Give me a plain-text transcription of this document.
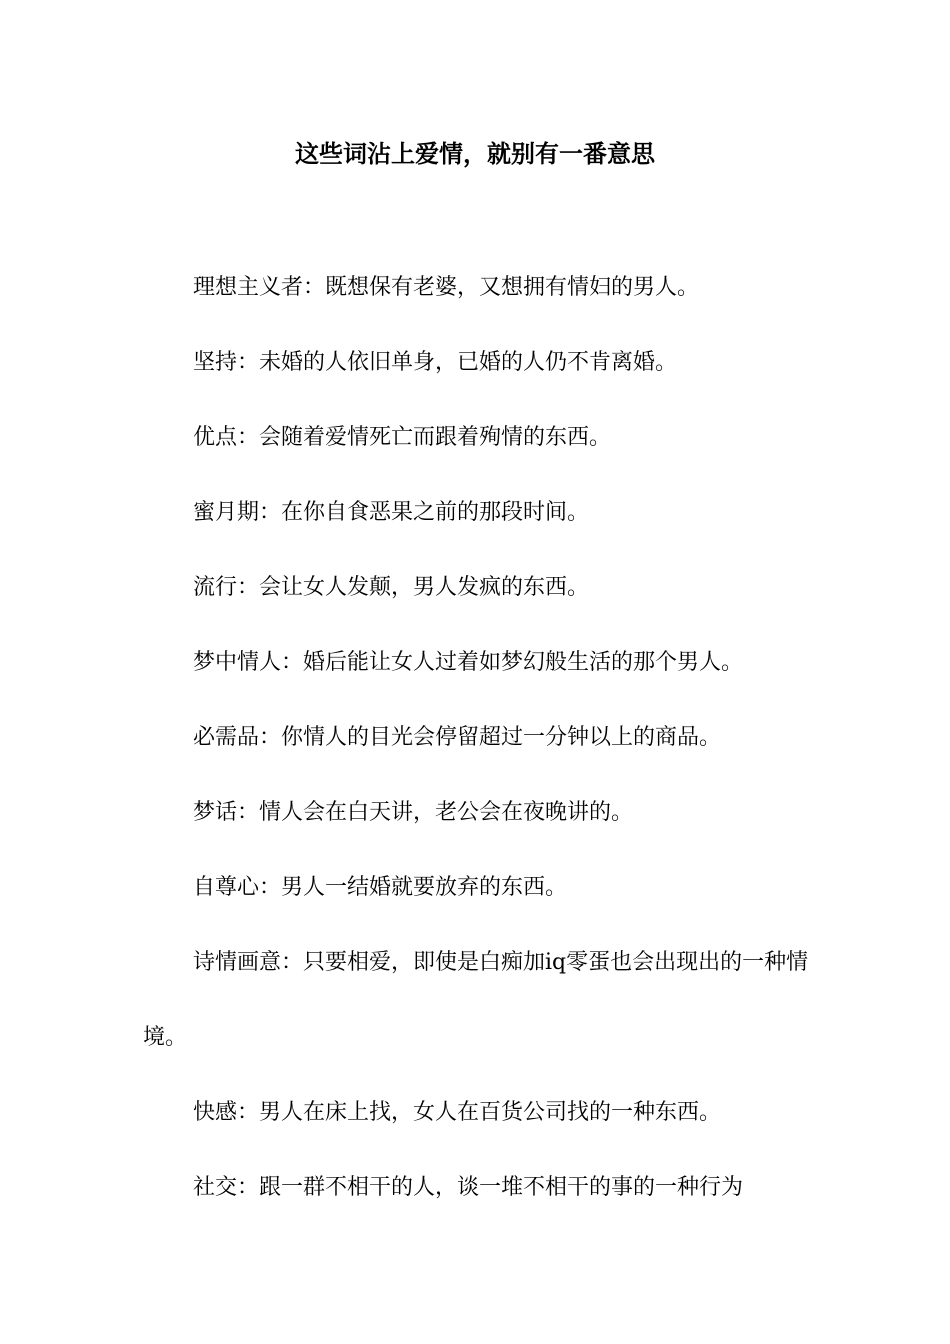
这些词沾上爱情，就别有一番意思

理想主义者：既想保有老婆，又想拥有情妇的男人。

坚持：未婚的人依旧单身，已婚的人仍不肯离婚。

优点：会随着爱情死亡而跟着殉情的东西。

蜜月期：在你自食恶果之前的那段时间。

流行：会让女人发颠，男人发疯的东西。

梦中情人：婚后能让女人过着如梦幻般生活的那个男人。

必需品：你情人的目光会停留超过一分钟以上的商品。

梦话：情人会在白天讲，老公会在夜晚讲的。

自尊心：男人一结婚就要放弃的东西。

诗情画意：只要相爱，即使是白痴加iq零蛋也会出现出的一种情境。

快感：男人在床上找，女人在百货公司找的一种东西。

社交：跟一群不相干的人，谈一堆不相干的事的一种行为
